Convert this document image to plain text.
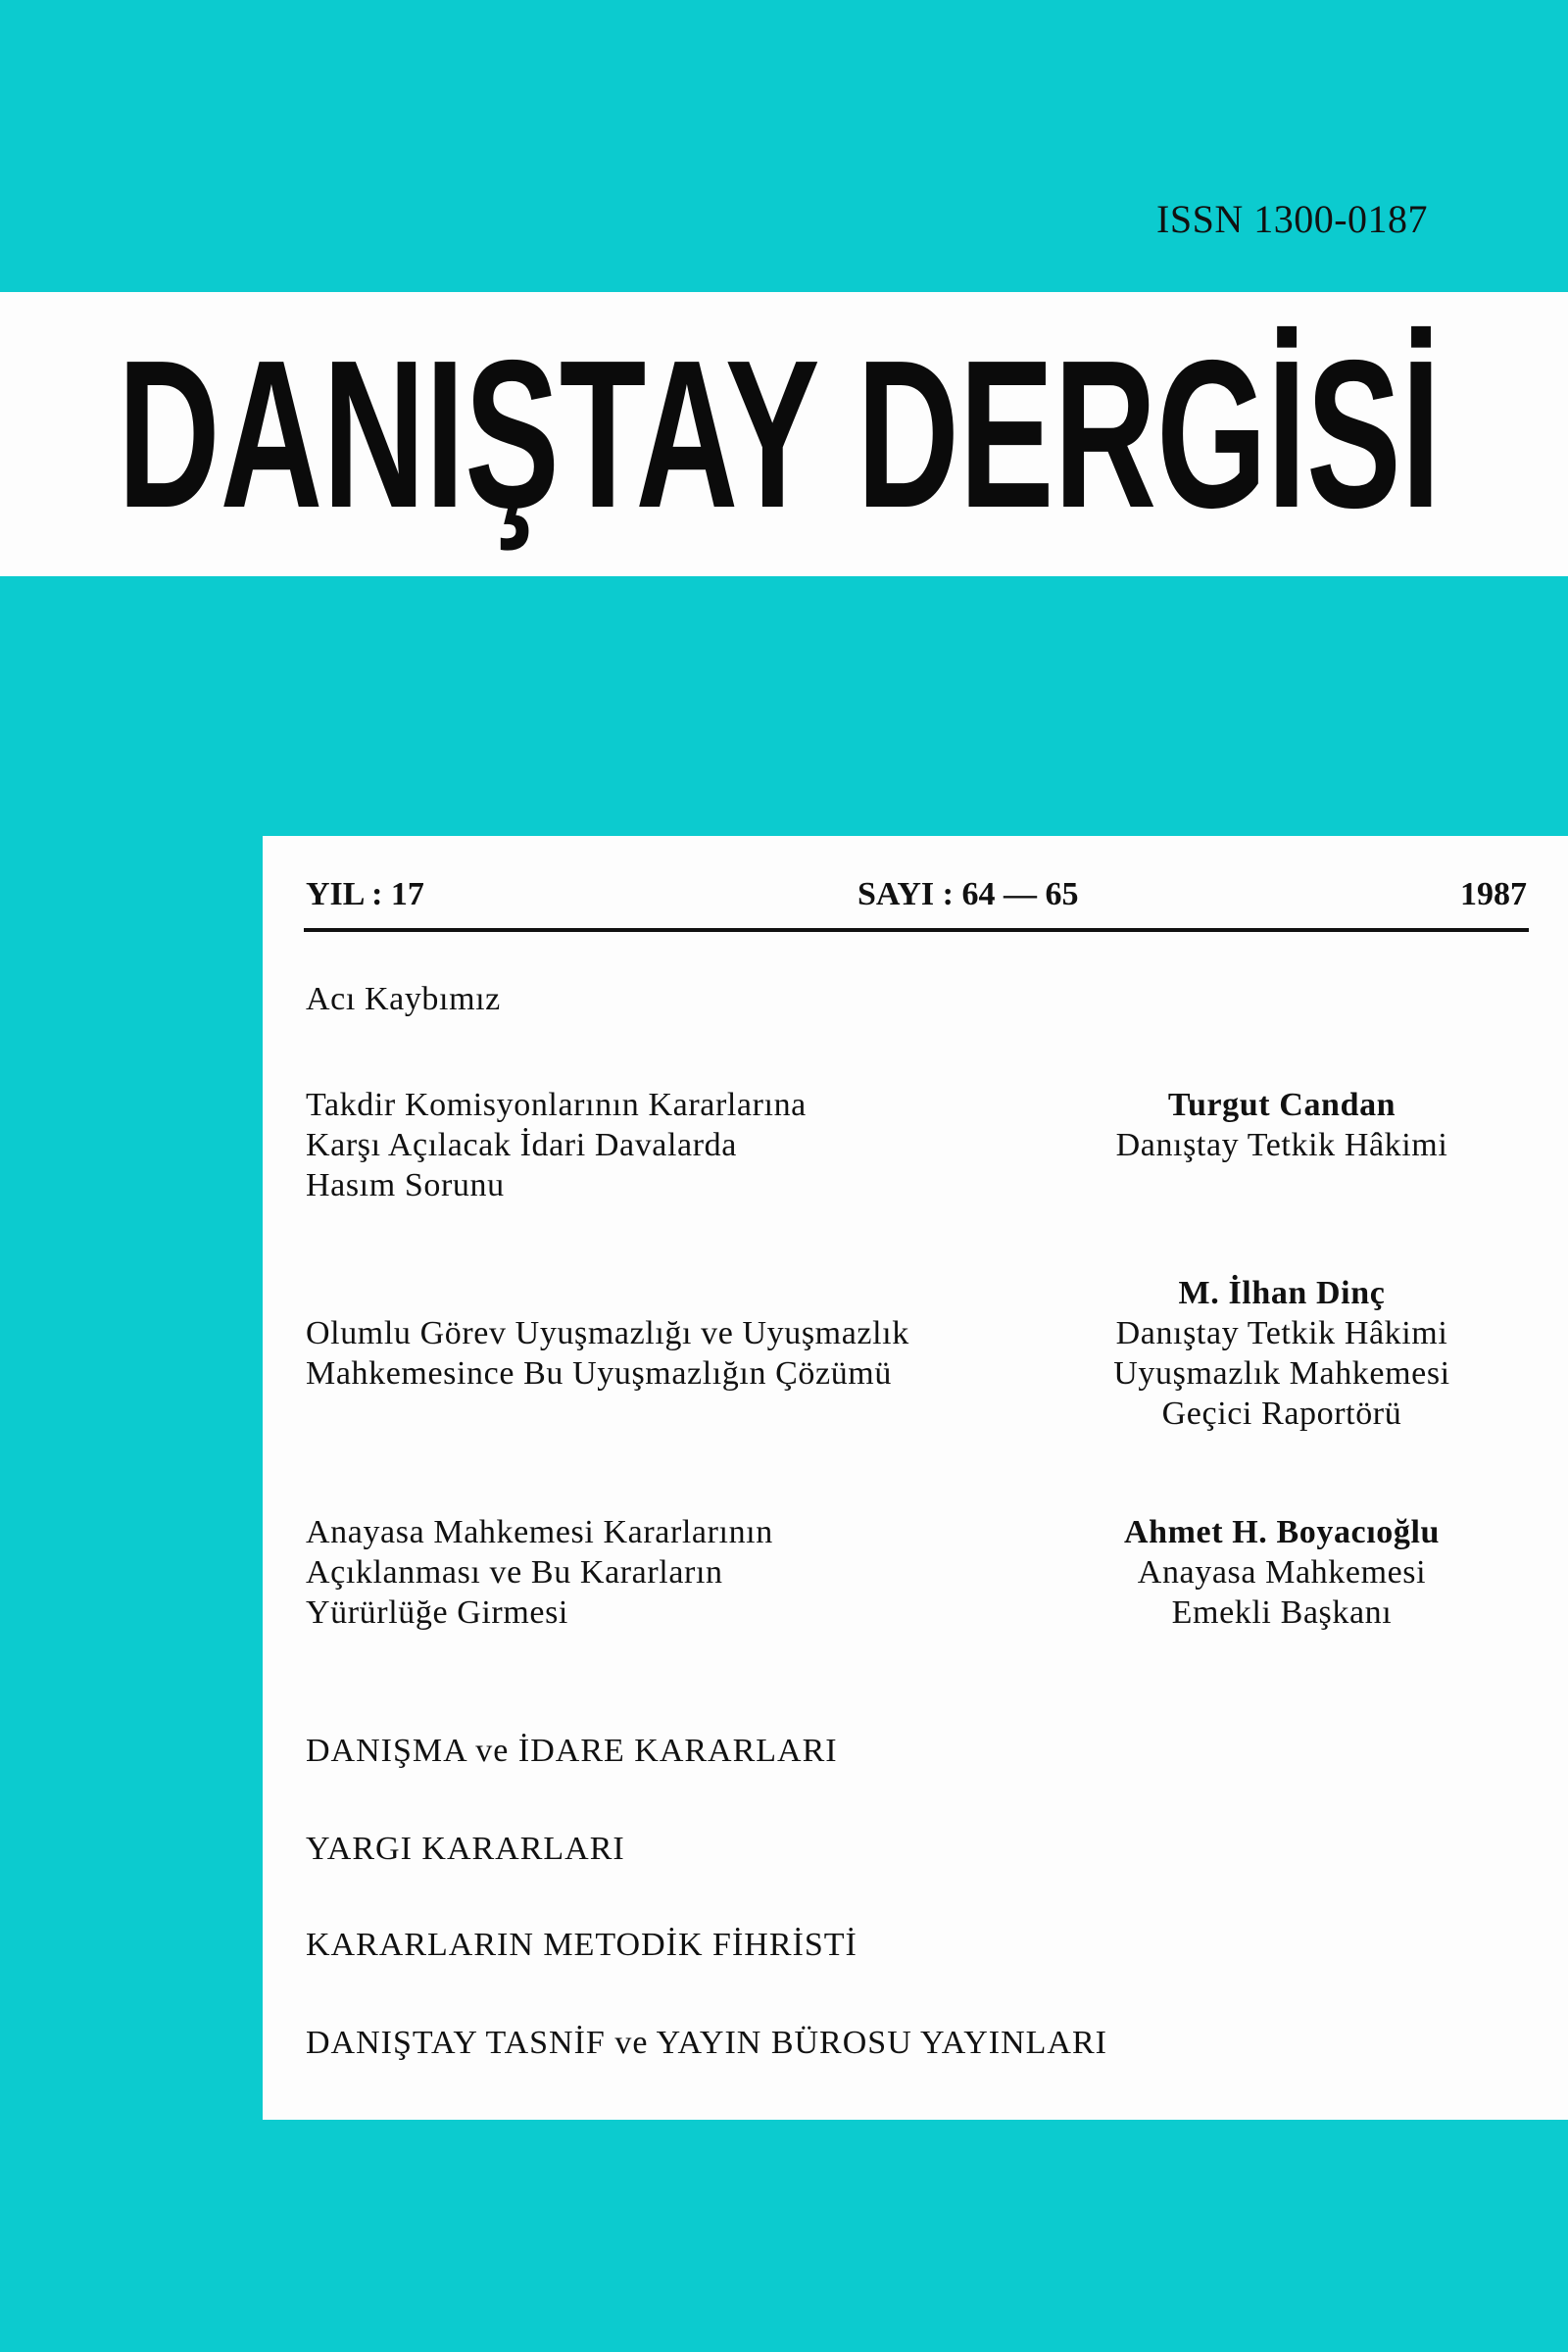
ISSN 1300-0187
DANIŞTAY DERGİSİ
YIL : 17	SAYI : 64 — 65	1987
Acı Kaybımız
Takdir Komisyonlarının Kararlarına
Karşı Açılacak İdari Davalarda
Hasım Sorunu
Turgut Candan
Danıştay Tetkik Hâkimi
M. İlhan Dinç
Danıştay Tetkik Hâkimi
Uyuşmazlık Mahkemesi
Geçici Raportörü
Olumlu Görev Uyuşmazlığı ve Uyuşmazlık
Mahkemesince Bu Uyuşmazlığın Çözümü
Anayasa Mahkemesi Kararlarının
Açıklanması ve Bu Kararların
Yürürlüğe Girmesi
Ahmet H. Boyacıoğlu
Anayasa Mahkemesi
Emekli Başkanı
DANIŞMA ve İDARE KARARLARI
YARGI KARARLARI
KARARLARIN METODİK FİHRİSTİ
DANIŞTAY TASNİF ve YAYIN BÜROSU YAYINLARI
